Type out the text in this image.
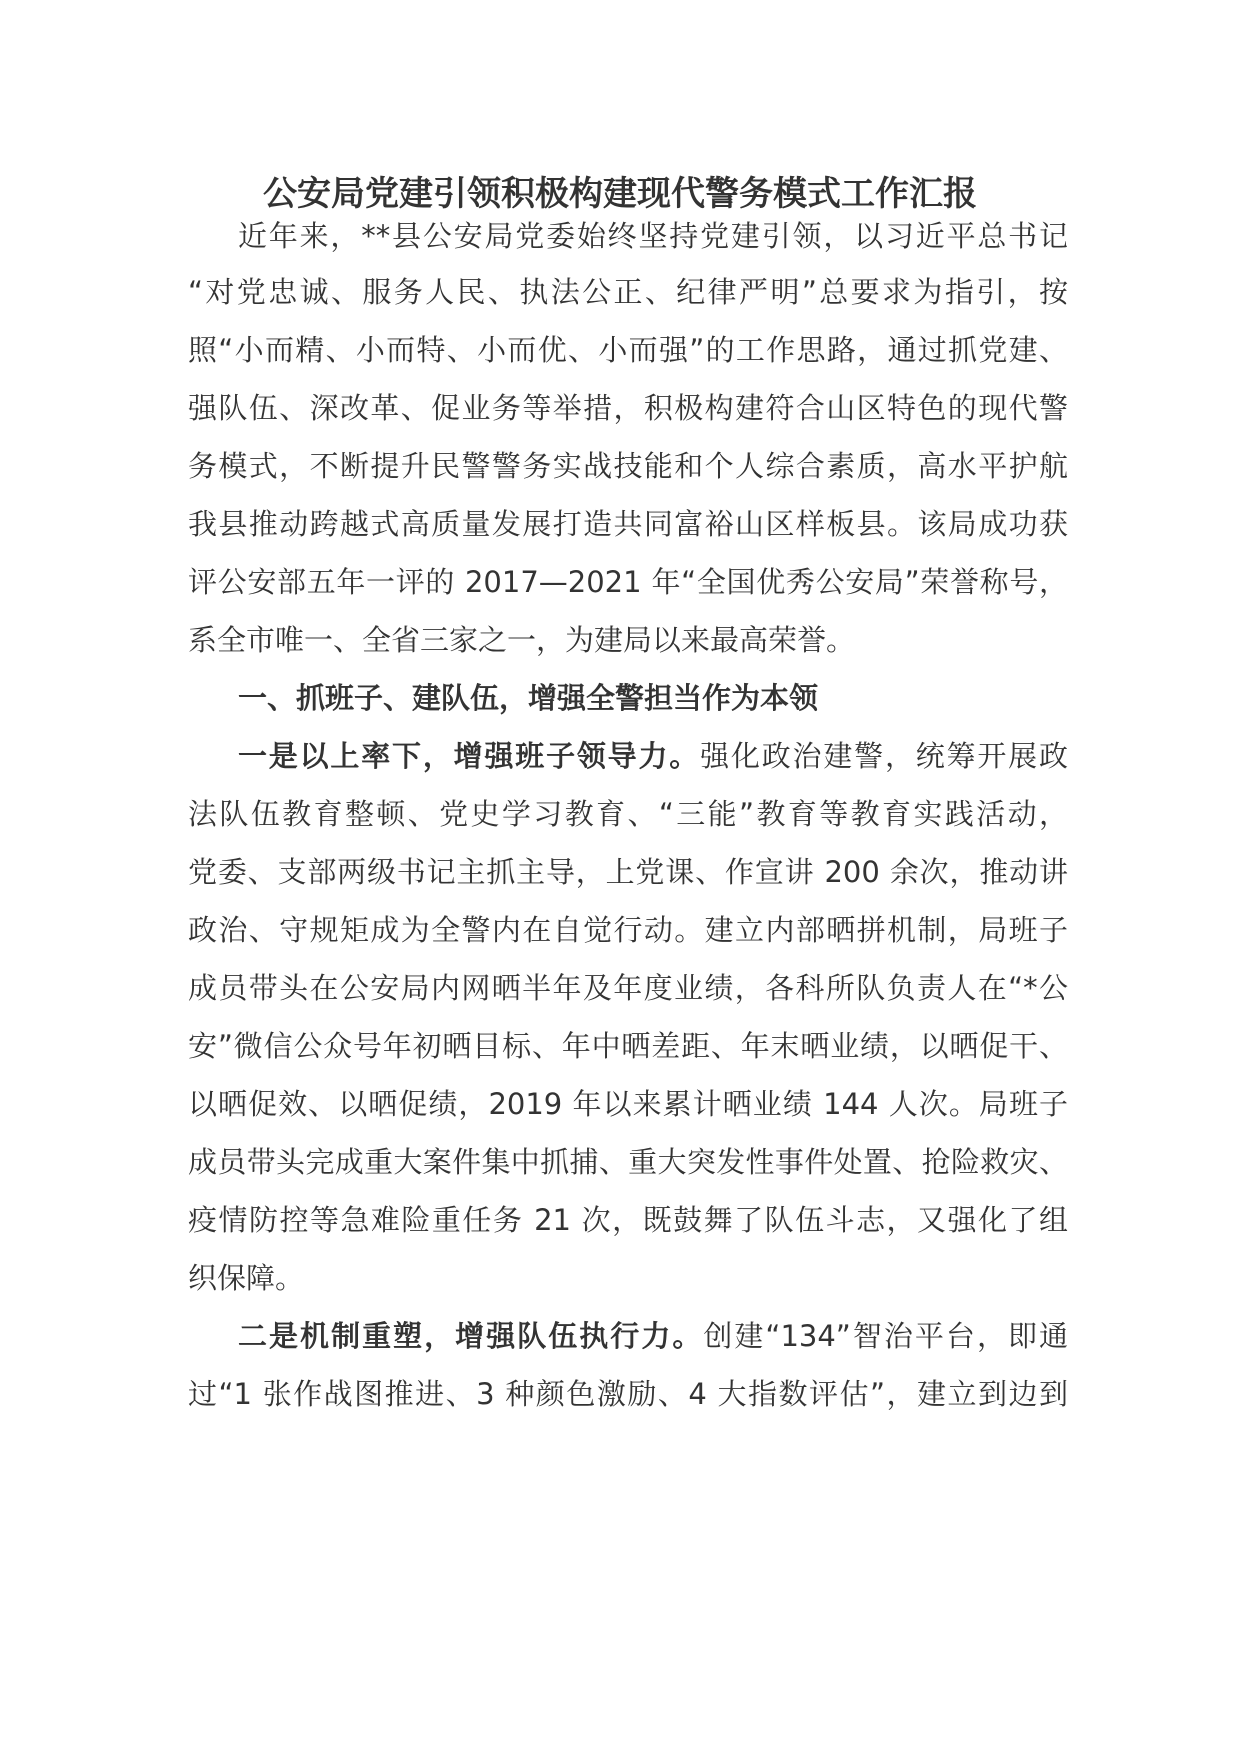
公安局党建引领积极构建现代警务模式工作汇报
近年来，**县公安局党委始终坚持党建引领，以习近平总书记
“对党忠诚、服务人民、执法公正、纪律严明”总要求为指引，按
照“小而精、小而特、小而优、小而强”的工作思路，通过抓党建、
强队伍、深改革、促业务等举措，积极构建符合山区特色的现代警
务模式，不断提升民警警务实战技能和个人综合素质，高水平护航
我县推动跨越式高质量发展打造共同富裕山区样板县。该局成功获
评公安部五年一评的 2017—2021 年“全国优秀公安局”荣誉称号，
系全市唯一、全省三家之一，为建局以来最高荣誉。
一、抓班子、建队伍，增强全警担当作为本领
一是以上率下，增强班子领导力。强化政治建警，统筹开展政
法队伍教育整顿、党史学习教育、“三能”教育等教育实践活动，
党委、支部两级书记主抓主导，上党课、作宣讲 200 余次，推动讲
政治、守规矩成为全警内在自觉行动。建立内部晒拼机制，局班子
成员带头在公安局内网晒半年及年度业绩，各科所队负责人在“*公
安”微信公众号年初晒目标、年中晒差距、年末晒业绩，以晒促干、
以晒促效、以晒促绩，2019 年以来累计晒业绩 144 人次。局班子
成员带头完成重大案件集中抓捕、重大突发性事件处置、抢险救灾、
疫情防控等急难险重任务 21 次，既鼓舞了队伍斗志，又强化了组
织保障。
二是机制重塑，增强队伍执行力。创建“134”智治平台，即通
过“1 张作战图推进、3 种颜色激励、4 大指数评估”，建立到边到
